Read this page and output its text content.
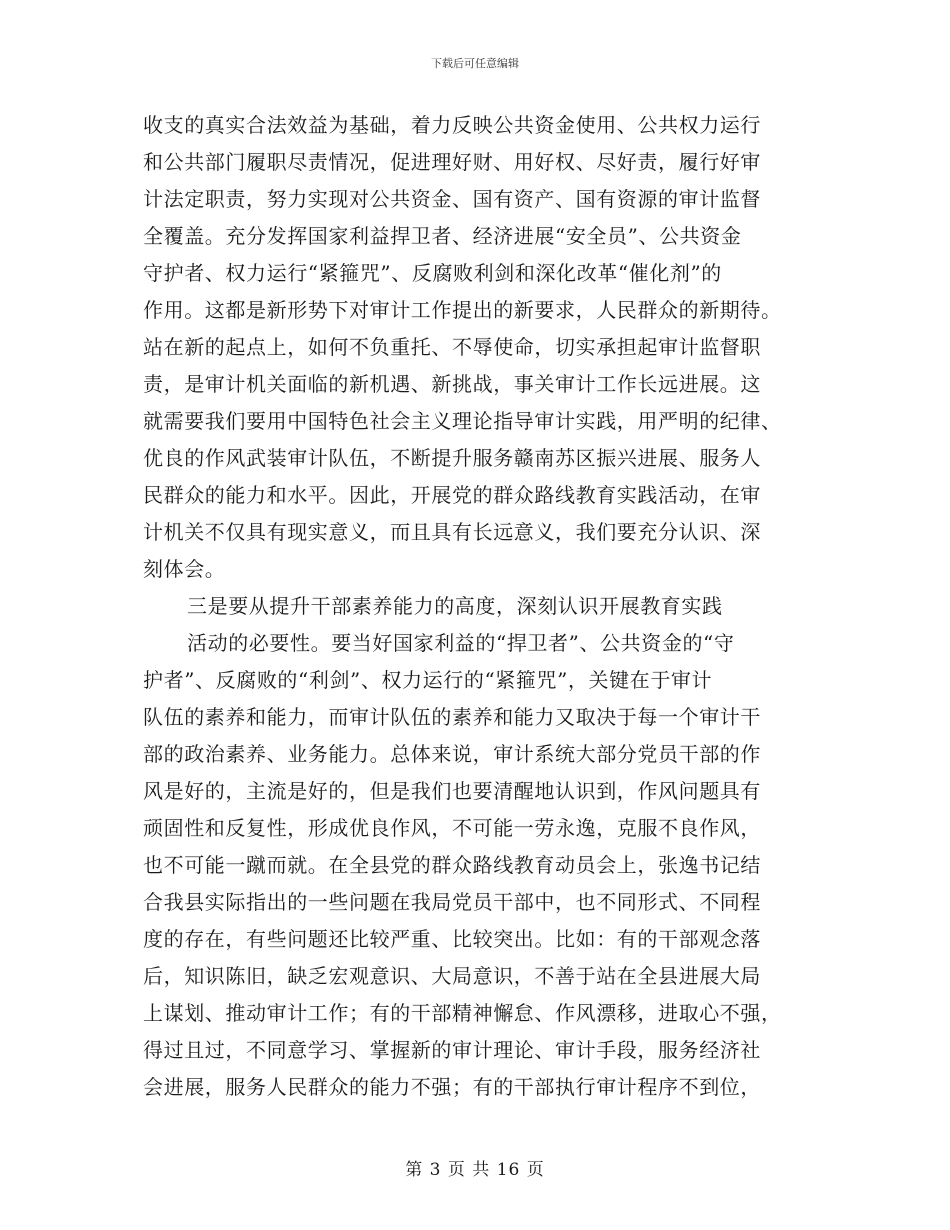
下载后可任意编辑
收支的真实合法效益为基础，着力反映公共资金使用、公共权力运行
和公共部门履职尽责情况，促进理好财、用好权、尽好责，履行好审
计法定职责，努力实现对公共资金、国有资产、国有资源的审计监督
全覆盖。充分发挥国家利益捍卫者、经济进展“安全员”、公共资金
守护者、权力运行“紧箍咒”、反腐败利剑和深化改革“催化剂”的
作用。这都是新形势下对审计工作提出的新要求，人民群众的新期待。
站在新的起点上，如何不负重托、不辱使命，切实承担起审计监督职
责，是审计机关面临的新机遇、新挑战，事关审计工作长远进展。这
就需要我们要用中国特色社会主义理论指导审计实践，用严明的纪律、
优良的作风武装审计队伍，不断提升服务赣南苏区振兴进展、服务人
民群众的能力和水平。因此，开展党的群众路线教育实践活动，在审
计机关不仅具有现实意义，而且具有长远意义，我们要充分认识、深
刻体会。
三是要从提升干部素养能力的高度，深刻认识开展教育实践
活动的必要性。要当好国家利益的“捍卫者”、公共资金的“守
护者”、反腐败的“利剑”、权力运行的“紧箍咒”，关键在于审计
队伍的素养和能力，而审计队伍的素养和能力又取决于每一个审计干
部的政治素养、业务能力。总体来说，审计系统大部分党员干部的作
风是好的，主流是好的，但是我们也要清醒地认识到，作风问题具有
顽固性和反复性，形成优良作风，不可能一劳永逸，克服不良作风，
也不可能一蹴而就。在全县党的群众路线教育动员会上，张逸书记结
合我县实际指出的一些问题在我局党员干部中，也不同形式、不同程
度的存在，有些问题还比较严重、比较突出。比如：有的干部观念落
后，知识陈旧，缺乏宏观意识、大局意识，不善于站在全县进展大局
上谋划、推动审计工作；有的干部精神懈怠、作风漂移，进取心不强，
得过且过，不同意学习、掌握新的审计理论、审计手段，服务经济社
会进展，服务人民群众的能力不强；有的干部执行审计程序不到位，
第 3 页 共 16 页
